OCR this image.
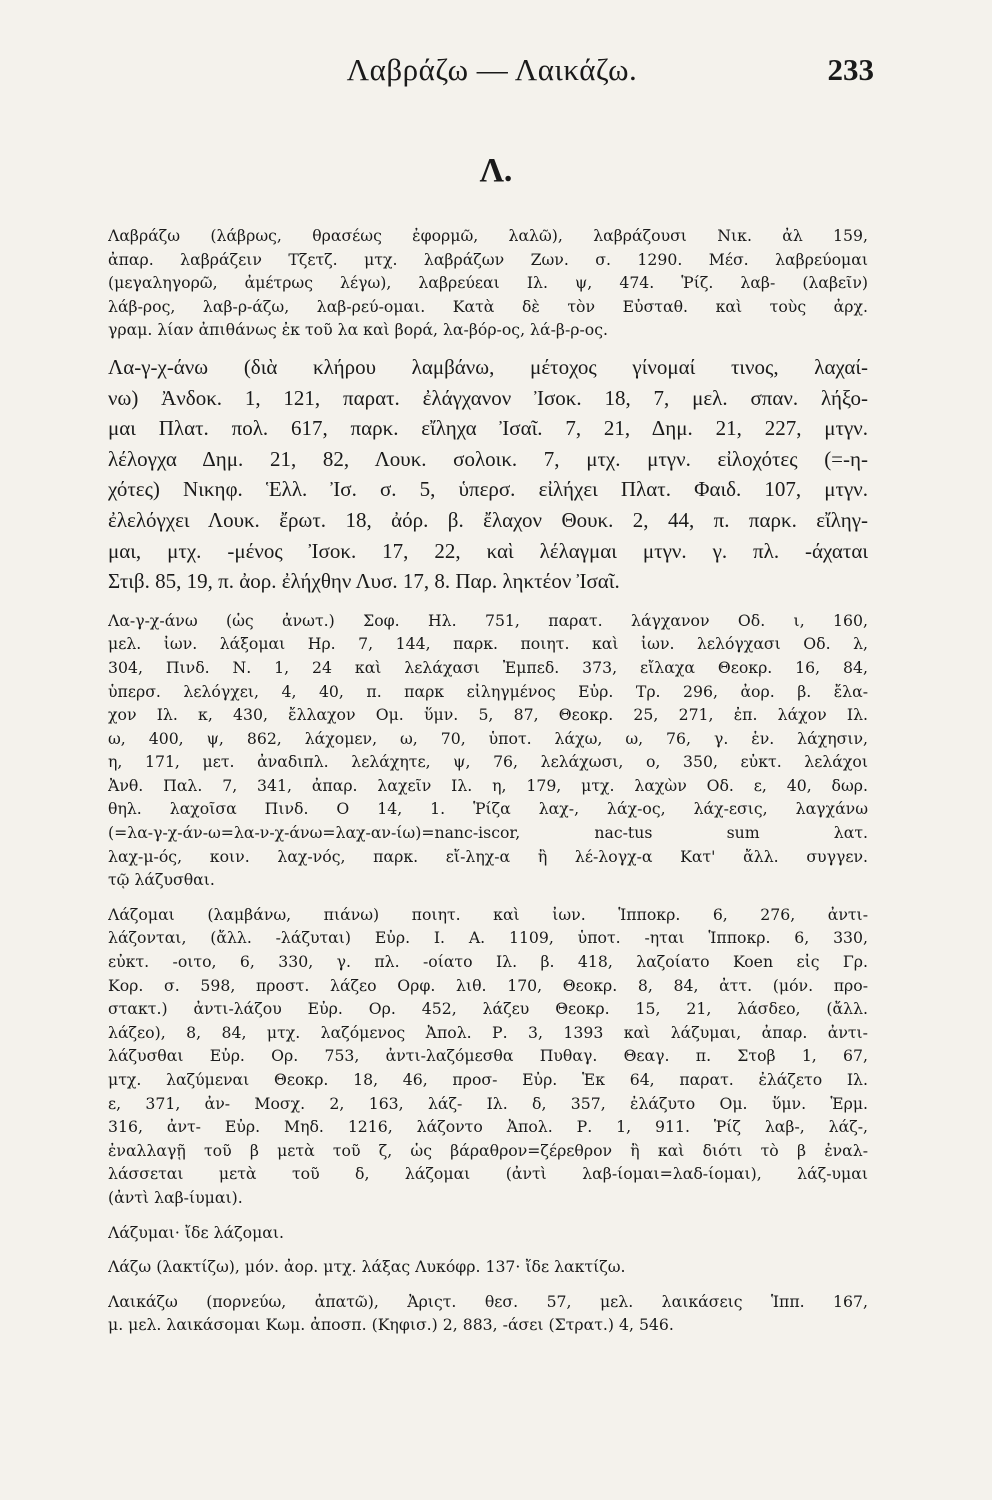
Λαβράζω — Λαικάζω.	233
Λ.

Λαβράζω (λάβρως, θρασέως ἐφορμῶ, λαλῶ), λαβράζουσι Νικ. ἀλ 159,
ἀπαρ. λαβράζειν Τζετζ. μτχ. λαβράζων Ζων. σ. 1290. Μέσ. λαβρεύομαι
(μεγαληγορῶ, ἀμέτρως λέγω), λαβρεύεαι Ιλ. ψ, 474. Ῥίζ. λαβ- (λαβεῖν)
λάβ-ρος, λαβ-ρ-άζω, λαβ-ρεύ-ομαι. Κατὰ δὲ τὸν Εὐσταθ. καὶ τοὺς ἀρχ.
γραμ. λίαν ἀπιθάνως ἐκ τοῦ λα καὶ βορά, λα-βόρ-ος, λά-β-ρ-ος.

Λα-γ-χ-άνω (διὰ κλήρου λαμβάνω, μέτοχος γίνομαί τινος, λαχαί-
νω) Ἀνδοκ. 1, 121, παρατ. ἐλάγχανον Ἰσοκ. 18, 7, μελ. σπαν. λήξο-
μαι Πλατ. πολ. 617, παρκ. εἴληχα Ἰσαῖ. 7, 21, Δημ. 21, 227, μτγν.
λέλογχα Δημ. 21, 82, Λουκ. σολοικ. 7, μτχ. μτγν. εἰλοχότες (=-η-
χότες) Νικηφ. Ἑλλ. Ἰσ. σ. 5, ὑπερσ. εἰλήχει Πλατ. Φαιδ. 107, μτγν.
ἐλελόγχει Λουκ. ἔρωτ. 18, ἀόρ. β. ἔλαχον Θουκ. 2, 44, π. παρκ. εἴληγ-
μαι, μτχ. -μένος Ἰσοκ. 17, 22, καὶ λέλαγμαι μτγν. γ. πλ. -άχαται
Στιβ. 85, 19, π. ἀορ. ἐλήχθην Λυσ. 17, 8. Παρ. ληκτέον Ἰσαῖ.

Λα-γ-χ-άνω (ὡς ἀνωτ.) Σοφ. Ηλ. 751, παρατ. λάγχανον Οδ. ι, 160,
μελ. ἰων. λάξομαι Ηρ. 7, 144, παρκ. ποιητ. καὶ ἰων. λελόγχασι Οδ. λ,
304, Πινδ. Ν. 1, 24 καὶ λελάχασι Ἐμπεδ. 373, εἴλαχα Θεοκρ. 16, 84,
ὑπερσ. λελόγχει, 4, 40, π. παρκ εἰληγμένος Εὐρ. Τρ. 296, ἀορ. β. ἔλα-
χον Ιλ. κ, 430, ἔλλαχον Ομ. ὕμν. 5, 87, Θεοκρ. 25, 271, ἐπ. λάχον Ιλ.
ω, 400, ψ, 862, λάχομεν, ω, 70, ὑποτ. λάχω, ω, 76, γ. ἑν. λάχησιν,
η, 171, μετ. ἀναδιπλ. λελάχητε, ψ, 76, λελάχωσι, ο, 350, εὐκτ. λελάχοι
Ἀνθ. Παλ. 7, 341, ἀπαρ. λαχεῖν Ιλ. η, 179, μτχ. λαχὼν Οδ. ε, 40, δωρ.
θηλ. λαχοῖσα Πινδ. Ο 14, 1. Ῥίζα λαχ-, λάχ-ος, λάχ-εσις, λαγχάνω
(=λα-γ-χ-άν-ω=λα-ν-χ-άνω=λαχ-αν-ίω)=nanc-iscor, nac-tus sum λατ.
λαχ-μ-ός, κοιν. λαχ-νός, παρκ. εἴ-ληχ-α ἢ λέ-λογχ-α Κατ' ἄλλ. συγγεν.
τῷ λάζυσθαι.

Λάζομαι (λαμβάνω, πιάνω) ποιητ. καὶ ἰων. Ἱπποκρ. 6, 276, ἀντι-
λάζονται, (ἄλλ. -λάζυται) Εὐρ. Ι. Α. 1109, ὑποτ. -ηται Ἱπποκρ. 6, 330,
εὐκτ. -οιτο, 6, 330, γ. πλ. -οίατο Ιλ. β. 418, λαζοίατο Koen εἰς Γρ.
Κορ. σ. 598, προστ. λάζεο Ορφ. λιθ. 170, Θεοκρ. 8, 84, ἀττ. (μόν. προ-
στακτ.) ἀντι-λάζου Εὐρ. Ορ. 452, λάζευ Θεοκρ. 15, 21, λάσδεο, (ἄλλ.
λάζεο), 8, 84, μτχ. λαζόμενος Ἀπολ. Ρ. 3, 1393 καὶ λάζυμαι, ἀπαρ. ἀντι-
λάζυσθαι Εὐρ. Ορ. 753, ἀντι-λαζόμεσθα Πυθαγ. Θεαγ. π. Στοβ 1, 67,
μτχ. λαζύμεναι Θεοκρ. 18, 46, προσ- Εὐρ. Ἑκ 64, παρατ. ἐλάζετο Ιλ.
ε, 371, ἀν- Μοσχ. 2, 163, λάζ- Ιλ. δ, 357, ἐλάζυτο Ομ. ὕμν. Ἑρμ.
316, ἀντ- Εὐρ. Μηδ. 1216, λάζοντο Ἀπολ. Ρ. 1, 911. Ῥίζ λαβ-, λάζ-,
ἐναλλαγῇ τοῦ β μετὰ τοῦ ζ, ὡς βάραθρον=ζέρεθρον ἢ καὶ διότι τὸ β ἐναλ-
λάσσεται μετὰ τοῦ δ, λάζομαι (ἀντὶ λαβ-ίομαι=λαδ-ίομαι), λάζ-υμαι
(ἀντὶ λαβ-ίυμαι).

Λάζυμαι· ἴδε λάζομαι.

Λάζω (λακτίζω), μόν. ἀορ. μτχ. λάξας Λυκόφρ. 137· ἴδε λακτίζω.

Λαικάζω (πορνεύω, ἀπατῶ), Ἀριςτ. θεσ. 57, μελ. λαικάσεις Ἱππ. 167,
μ. μελ. λαικάσομαι Κωμ. ἀποσπ. (Κηφισ.) 2, 883, -άσει (Στρατ.) 4, 546.
